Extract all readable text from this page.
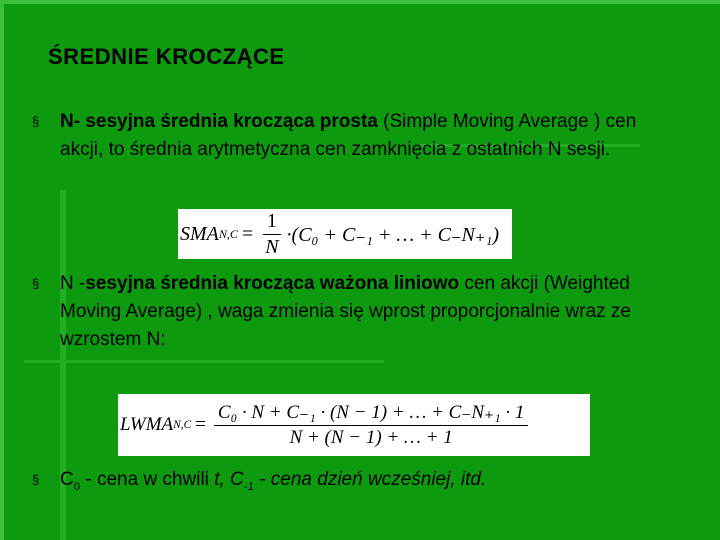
ŚREDNIE KROCZĄCE
§	N- sesyjna średnia krocząca prosta (Simple Moving Average ) cen akcji, to średnia arytmetyczna cen zamknięcia z ostatnich N sesji.
SMA $N,C = \frac{1}{N} \cdot(C_0 + C_{-1}$ + … + C₋N₊₁)
§	N -sesyjna średnia krocząca ważona liniowo cen akcji (Weighted Moving Average) , waga zmienia się wprost proporcjonalnie wraz ze wzrostem N:
LWMA $N,C = \frac{\text{C₀ · N + C₋₁ · (N − 1) + … + C₋N₊₁ · 1}}{N + (N - 1) + \dots + 1}$
§	$C_0$ - cena w chwili t, $C_{-1}$ - cena dzień wcześniej, itd.
